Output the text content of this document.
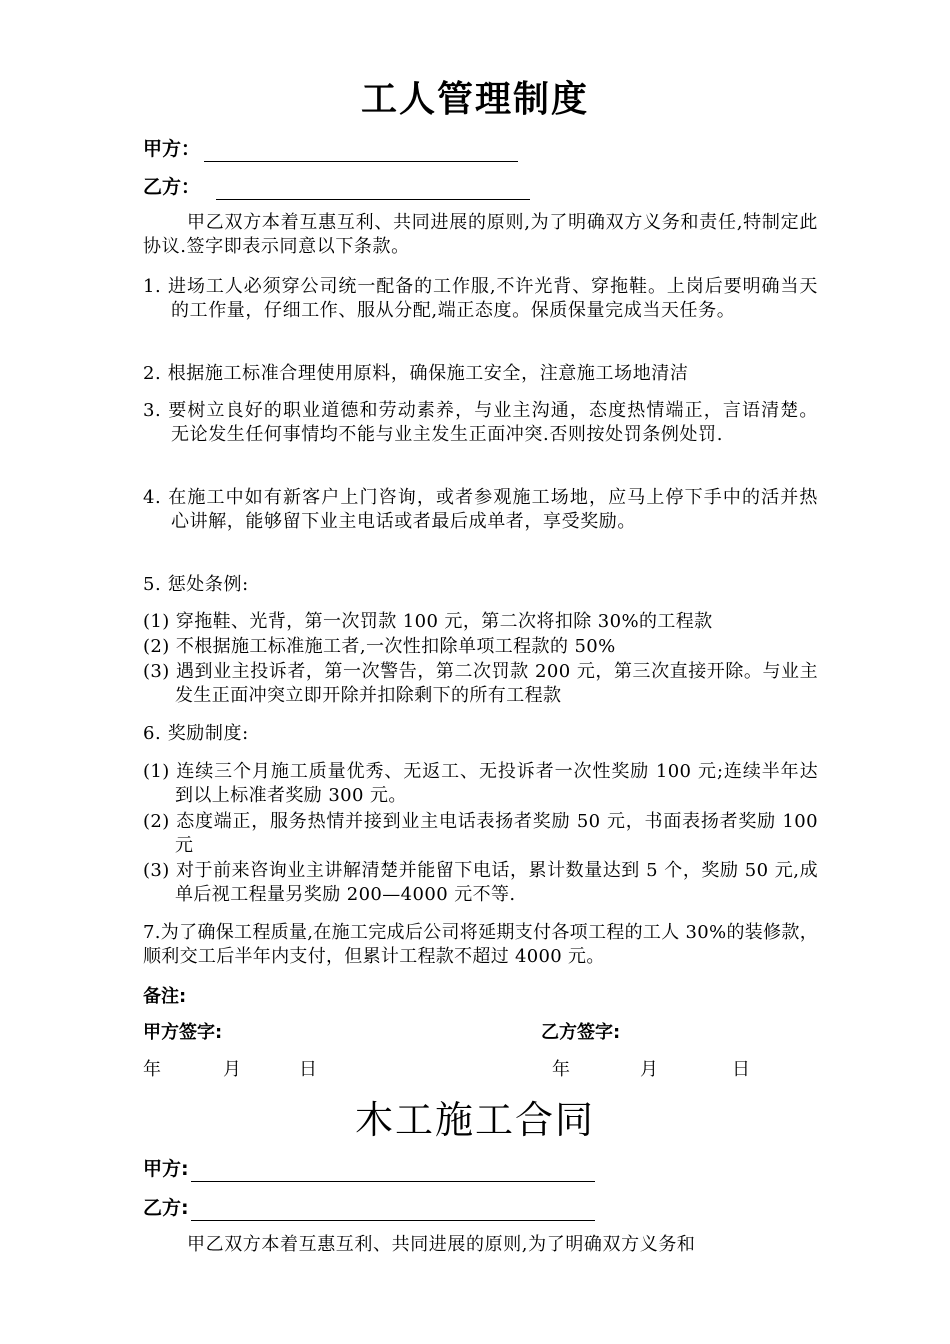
工人管理制度
甲方：
乙方：
甲乙双方本着互惠互利、共同进展的原则,为了明确双方义务和责任,特制定此协议.签字即表示同意以下条款。
1. 进场工人必须穿公司统一配备的工作服,不许光背、穿拖鞋。上岗后要明确当天的工作量，仔细工作、服从分配,端正态度。保质保量完成当天任务。
2. 根据施工标准合理使用原料，确保施工安全，注意施工场地清洁
3. 要树立良好的职业道德和劳动素养，与业主沟通，态度热情端正，言语清楚。无论发生任何事情均不能与业主发生正面冲突.否则按处罚条例处罚.
4. 在施工中如有新客户上门咨询，或者参观施工场地，应马上停下手中的活并热心讲解，能够留下业主电话或者最后成单者，享受奖励。
5. 惩处条例:
(1) 穿拖鞋、光背，第一次罚款 100 元，第二次将扣除 30%的工程款
(2) 不根据施工标准施工者,一次性扣除单项工程款的 50%
(3) 遇到业主投诉者，第一次警告，第二次罚款 200 元，第三次直接开除。与业主发生正面冲突立即开除并扣除剩下的所有工程款
6. 奖励制度:
(1) 连续三个月施工质量优秀、无返工、无投诉者一次性奖励 100 元;连续半年达到以上标准者奖励 300 元。
(2) 态度端正，服务热情并接到业主电话表扬者奖励 50 元，书面表扬者奖励 100 元
(3) 对于前来咨询业主讲解清楚并能留下电话，累计数量达到 5 个，奖励 50 元,成单后视工程量另奖励 200—4000 元不等.
7.为了确保工程质量,在施工完成后公司将延期支付各项工程的工人 30%的装修款，顺利交工后半年内支付，但累计工程款不超过 4000 元。
备注:
甲方签字:	乙方签字:
年	月	日	年	月	日
木工施工合同
甲方:
乙方:
甲乙双方本着互惠互利、共同进展的原则,为了明确双方义务和
